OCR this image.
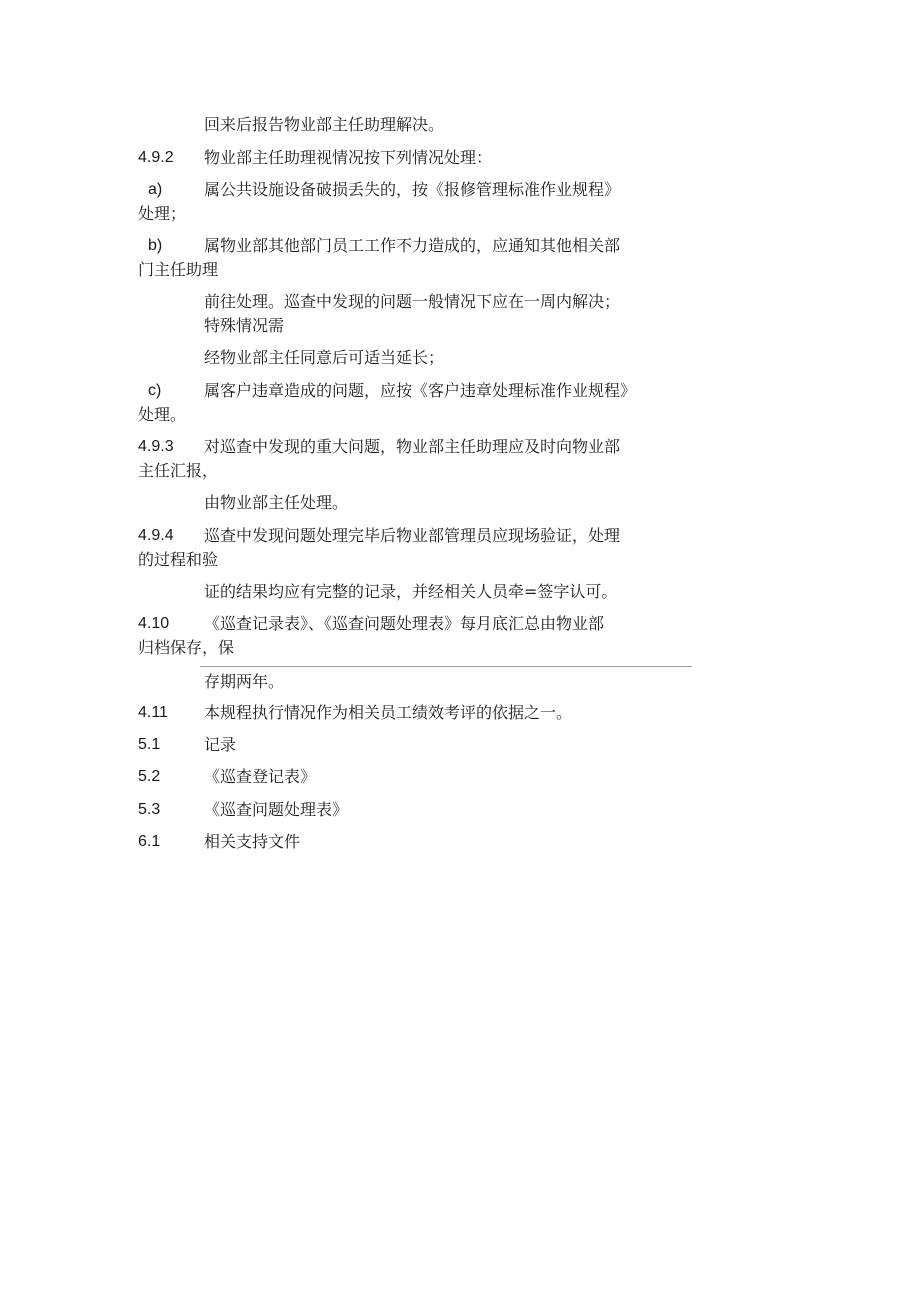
回来后报告物业部主任助理解决。
4.9.2 物业部主任助理视情况按下列情况处理：
a)	属公共设施设备破损丢失的，按《报修管理标准作业规程》
处理；
b)	属物业部其他部门员工工作不力造成的，应通知其他相关部
门主任助理
前往处理。巡查中发现的问题一般情况下应在一周内解决；
特殊情况需
经物业部主任同意后可适当延长；
c)	属客户违章造成的问题，应按《客户违章处理标准作业规程》
处理。
4.9.3 对巡查中发现的重大问题，物业部主任助理应及时向物业部
主任汇报，
由物业部主任处理。
4.9.4 巡查中发现问题处理完毕后物业部管理员应现场验证，处理
的过程和验
证的结果均应有完整的记录，并经相关人员牵=签字认可。
4.10 《巡查记录表》、《巡查问题处理表》每月底汇总由物业部
归档保存，保
存期两年。
4.11 本规程执行情况作为相关员工绩效考评的依据之一。
5.1	记录
5.2	《巡查登记表》
5.3	《巡查问题处理表》
6.1	相关支持文件
